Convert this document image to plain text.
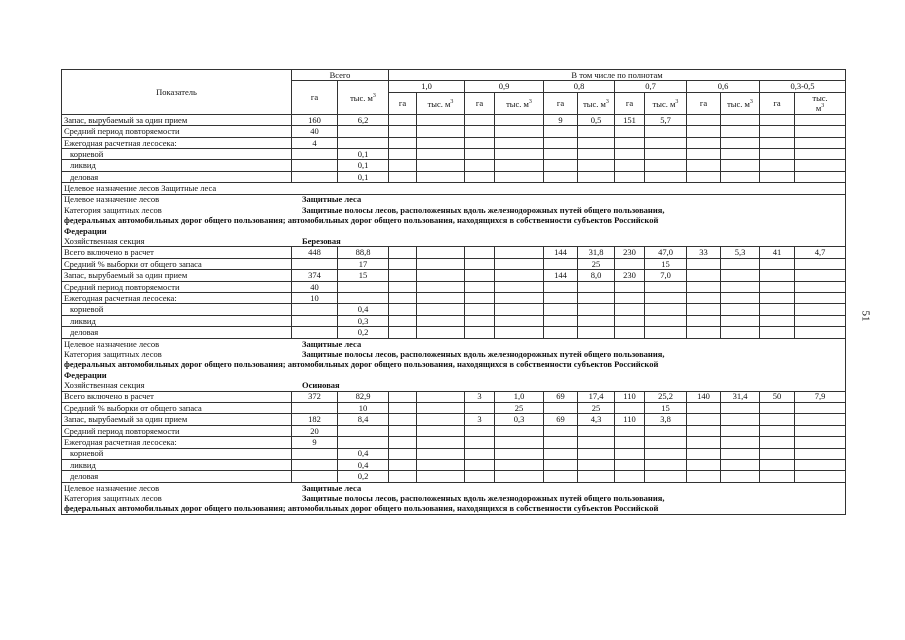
Показатель	Всего		В том числе по полнотам											
	га	тыс. $м^3$	1,0		0,9		0,8		0,7		0,6		0,3-0,5	
			га	тыс. $м^3$	га	тыс. $м^3$	га	тыс. $м^3$	га	тыс. $м^3$	га	тыс. $м^3$	га	тыс.
$м^3$
Запас, вырубаемый за один прием	160	6,2					9	0,5	151	5,7				
Средний период повторяемости	40													
Ежегодная расчетная лесосека:	4													
корневой		0,1												
ликвид		0,1												
деловая		0,1												
Целевое назначение лесов Защитные леса														
Целевое назначение лесов Защитные леса														
Категория защитных лесов Защитные полосы лесов, расположенных вдоль железнодорожных путей общего пользования,														
федеральных автомобильных дорог общего пользования; автомобильных дорог общего пользования, находящихся в собственности субъектов Российской														
Федерации														
Хозяйственная секция Березовая														
Всего включено в расчет	448	88,8					144	31,8	230	47,0	33	5,3	41	4,7
Средний % выборки от общего запаса		17						25		15				
Запас, вырубаемый за один прием	374	15					144	8,0	230	7,0				
Средний период повторяемости	40													
Ежегодная расчетная лесосека:	10													
корневой		0,4												
ликвид		0,3												
деловая		0,2												
Целевое назначение лесов Защитные леса														
Категория защитных лесов Защитные полосы лесов, расположенных вдоль железнодорожных путей общего пользования,														
федеральных автомобильных дорог общего пользования; автомобильных дорог общего пользования, находящихся в собственности субъектов Российской														
Федерации														
Хозяйственная секция Осиновая														
Всего включено в расчет	372	82,9			3	1,0	69	17,4	110	25,2	140	31,4	50	7,9
Средний % выборки от общего запаса		10				25		25		15				
Запас, вырубаемый за один прием	182	8,4			3	0,3	69	4,3	110	3,8				
Средний период повторяемости	20													
Ежегодная расчетная лесосека:	9													
корневой		0,4												
ликвид		0,4												
деловая		0,2												
Целевое назначение лесов Защитные леса														
Категория защитных лесов Защитные полосы лесов, расположенных вдоль железнодорожных путей общего пользования,														
федеральных автомобильных дорог общего пользования; автомобильных дорог общего пользования, находящихся в собственности субъектов Российской														
51
